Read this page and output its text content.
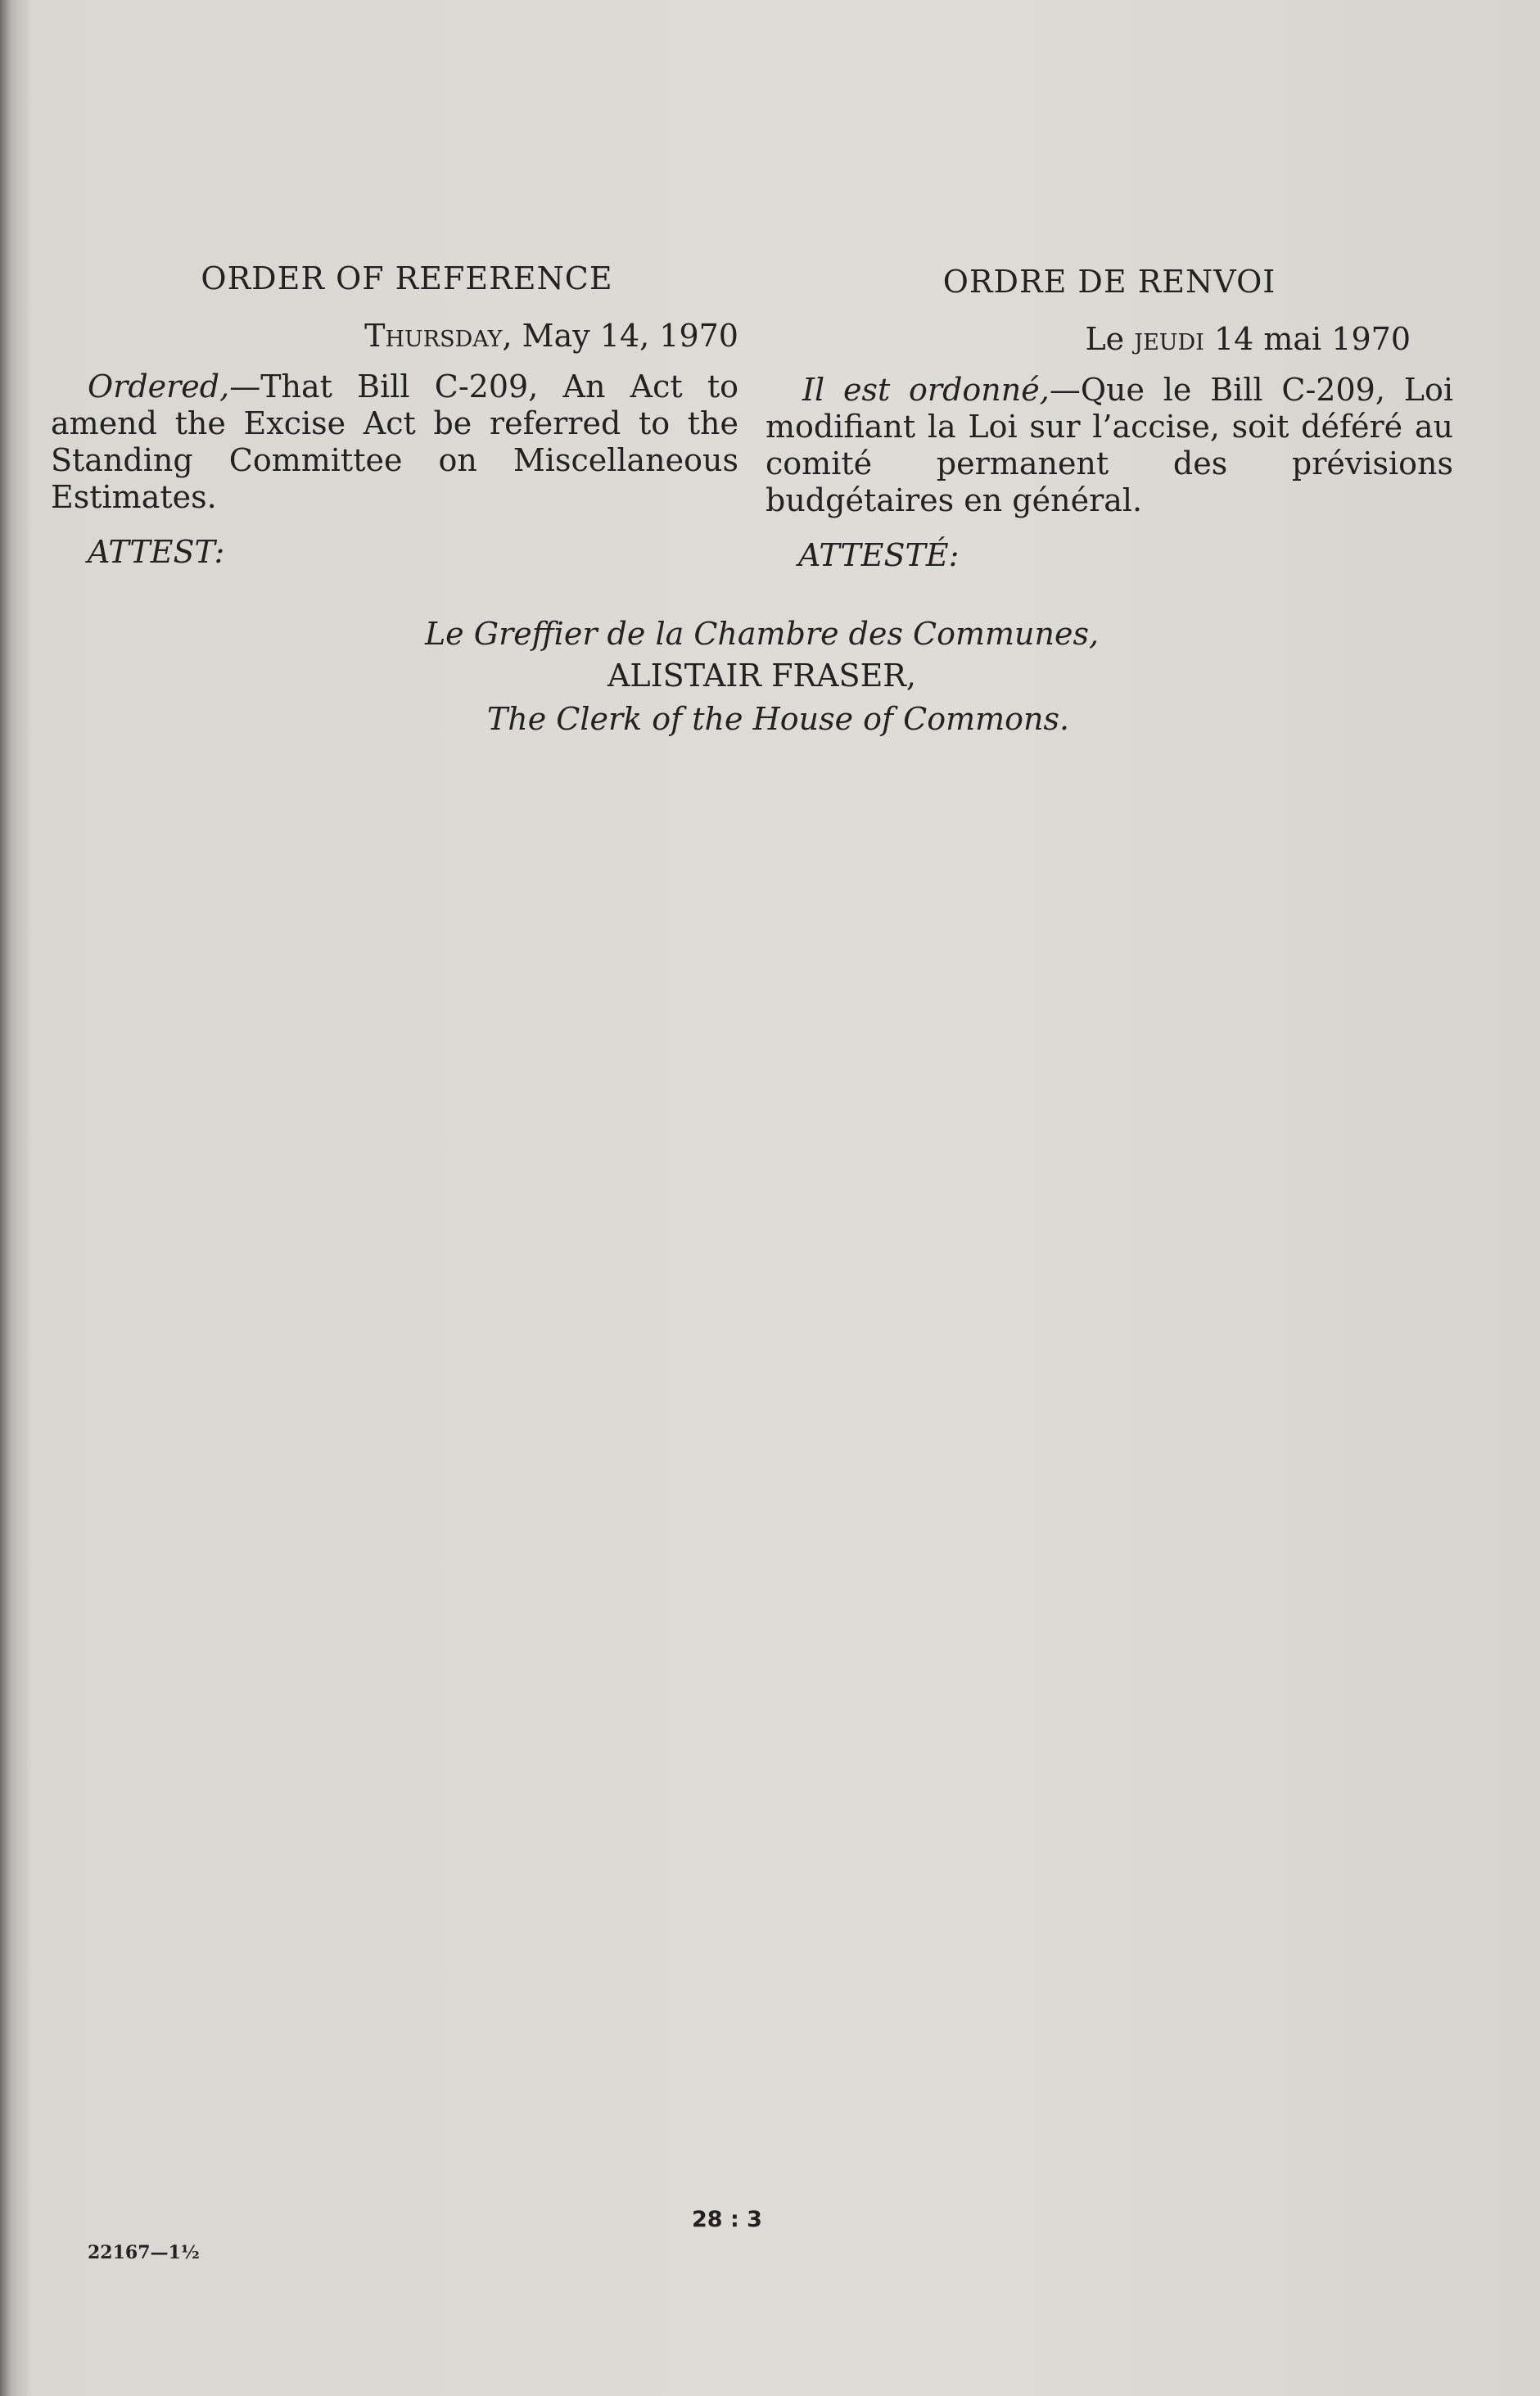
ORDER OF REFERENCE

Thursday, May 14, 1970

Ordered,—That Bill C-209, An Act to amend the Excise Act be referred to the Standing Committee on Miscellaneous Estimates.

ATTEST:

ORDRE DE RENVOI

Le jeudi 14 mai 1970

Il est ordonné,—Que le Bill C-209, Loi modifiant la Loi sur l’accise, soit déféré au comité permanent des prévisions budgétaires en général.

ATTESTÉ:

Le Greffier de la Chambre des Communes,
ALISTAIR FRASER,
The Clerk of the House of Commons.
28 : 3
22167—1½
